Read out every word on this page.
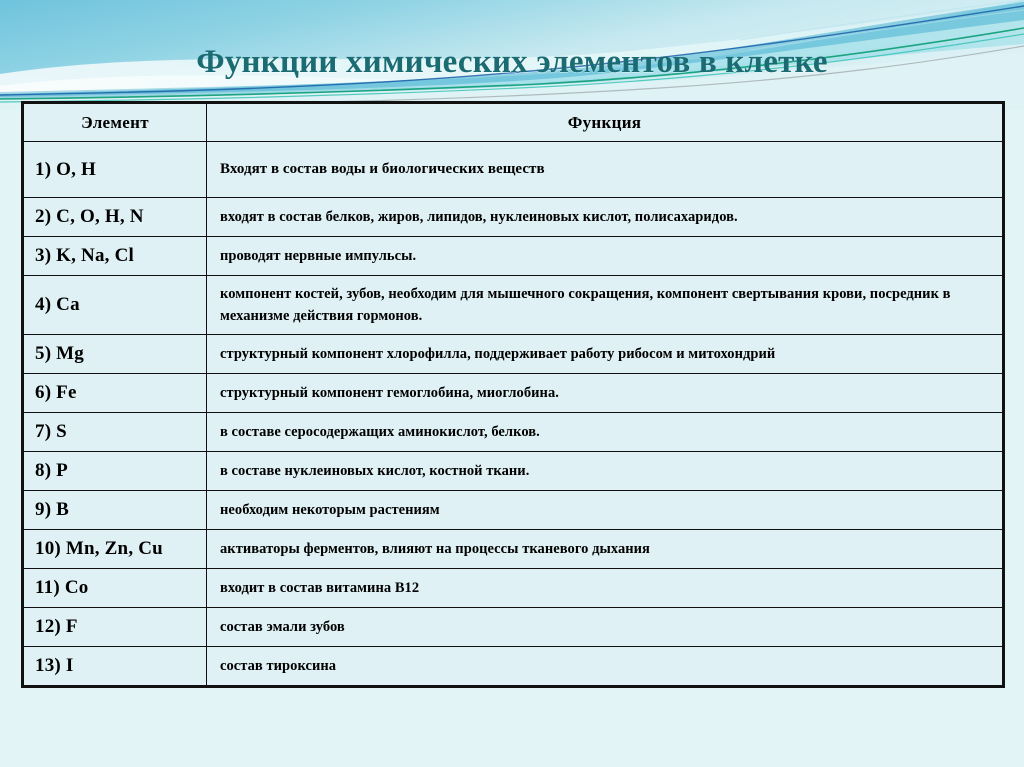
Функции химических элементов в клетке
Элемент	Функция
1) O, H	Входят в состав воды и биологических веществ
2) C, O, H, N	входят в состав белков, жиров, липидов, нуклеиновых кислот, полисахаридов.
3) K, Na, Cl	проводят нервные импульсы.
4) Ca	компонент костей, зубов, необходим для мышечного сокращения, компонент свертывания крови, посредник в механизме действия гормонов.
5) Mg	структурный компонент хлорофилла, поддерживает работу рибосом и митохондрий
6) Fe	структурный компонент гемоглобина, миоглобина.
7) S	в составе серосодержащих аминокислот, белков.
8) P	в составе нуклеиновых кислот, костной ткани.
9) B	необходим некоторым растениям
10) Mn, Zn, Cu	активаторы ферментов, влияют на процессы тканевого дыхания
11) Co	входит в состав витамина В12
12) F	состав эмали зубов
13) I	состав тироксина
